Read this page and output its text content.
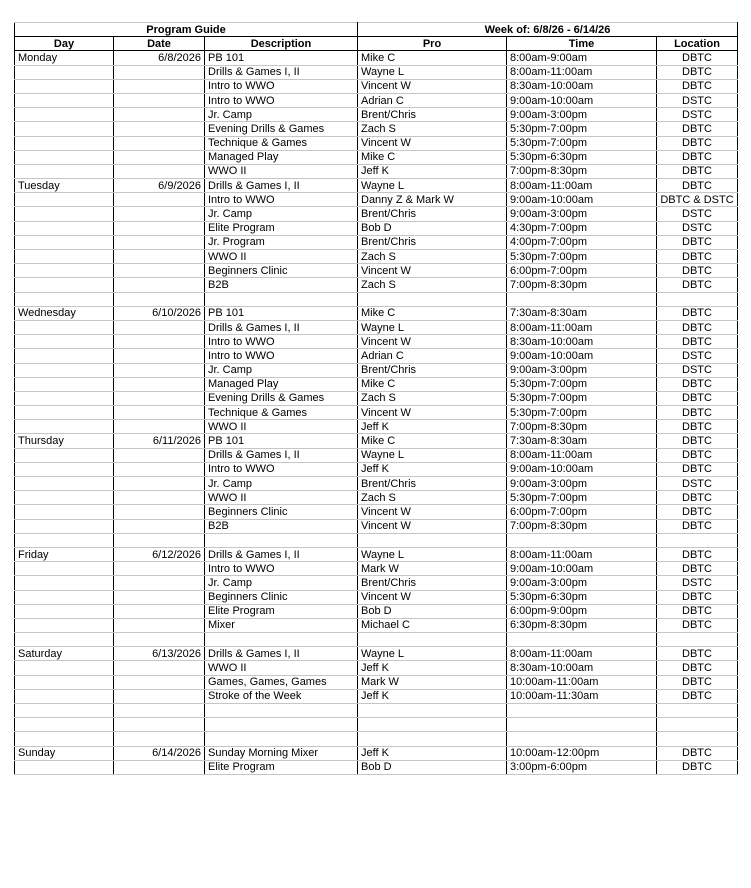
Program Guide			Week of: 6/8/26 - 6/14/26		
Day	Date	Description	Pro	Time	Location
Monday	6/8/2026	PB 101	Mike C	8:00am-9:00am	DBTC
		Drills & Games I, II	Wayne L	8:00am-11:00am	DBTC
		Intro to WWO	Vincent W	8:30am-10:00am	DBTC
		Intro to WWO	Adrian C	9:00am-10:00am	DSTC
		Jr. Camp	Brent/Chris	9:00am-3:00pm	DSTC
		Evening Drills & Games	Zach S	5:30pm-7:00pm	DBTC
		Technique & Games	Vincent W	5:30pm-7:00pm	DBTC
		Managed Play	Mike C	5:30pm-6:30pm	DBTC
		WWO II	Jeff K	7:00pm-8:30pm	DBTC
Tuesday	6/9/2026	Drills & Games I, II	Wayne L	8:00am-11:00am	DBTC
		Intro to WWO	Danny Z & Mark W	9:00am-10:00am	DBTC & DSTC
		Jr. Camp	Brent/Chris	9:00am-3:00pm	DSTC
		Elite Program	Bob D	4:30pm-7:00pm	DSTC
		Jr. Program	Brent/Chris	4:00pm-7:00pm	DBTC
		WWO II	Zach S	5:30pm-7:00pm	DBTC
		Beginners Clinic	Vincent W	6:00pm-7:00pm	DBTC
		B2B	Zach S	7:00pm-8:30pm	DBTC

Wednesday	6/10/2026	PB 101	Mike C	7:30am-8:30am	DBTC
		Drills & Games I, II	Wayne L	8:00am-11:00am	DBTC
		Intro to WWO	Vincent W	8:30am-10:00am	DBTC
		Intro to WWO	Adrian C	9:00am-10:00am	DSTC
		Jr. Camp	Brent/Chris	9:00am-3:00pm	DSTC
		Managed Play	Mike C	5:30pm-7:00pm	DBTC
		Evening Drills & Games	Zach S	5:30pm-7:00pm	DBTC
		Technique & Games	Vincent W	5:30pm-7:00pm	DBTC
		WWO II	Jeff K	7:00pm-8:30pm	DBTC
Thursday	6/11/2026	PB 101	Mike C	7:30am-8:30am	DBTC
		Drills & Games I, II	Wayne L	8:00am-11:00am	DBTC
		Intro to WWO	Jeff K	9:00am-10:00am	DBTC
		Jr. Camp	Brent/Chris	9:00am-3:00pm	DSTC
		WWO II	Zach S	5:30pm-7:00pm	DBTC
		Beginners Clinic	Vincent W	6:00pm-7:00pm	DBTC
		B2B	Vincent W	7:00pm-8:30pm	DBTC

Friday	6/12/2026	Drills & Games I, II	Wayne L	8:00am-11:00am	DBTC
		Intro to WWO	Mark W	9:00am-10:00am	DBTC
		Jr. Camp	Brent/Chris	9:00am-3:00pm	DSTC
		Beginners Clinic	Vincent W	5:30pm-6:30pm	DBTC
		Elite Program	Bob D	6:00pm-9:00pm	DBTC
		Mixer	Michael C	6:30pm-8:30pm	DBTC

Saturday	6/13/2026	Drills & Games I, II	Wayne L	8:00am-11:00am	DBTC
		WWO II	Jeff K	8:30am-10:00am	DBTC
		Games, Games, Games	Mark W	10:00am-11:00am	DBTC
		Stroke of the Week	Jeff K	10:00am-11:30am	DBTC

Sunday	6/14/2026	Sunday Morning Mixer	Jeff K	10:00am-12:00pm	DBTC
		Elite Program	Bob D	3:00pm-6:00pm	DBTC
